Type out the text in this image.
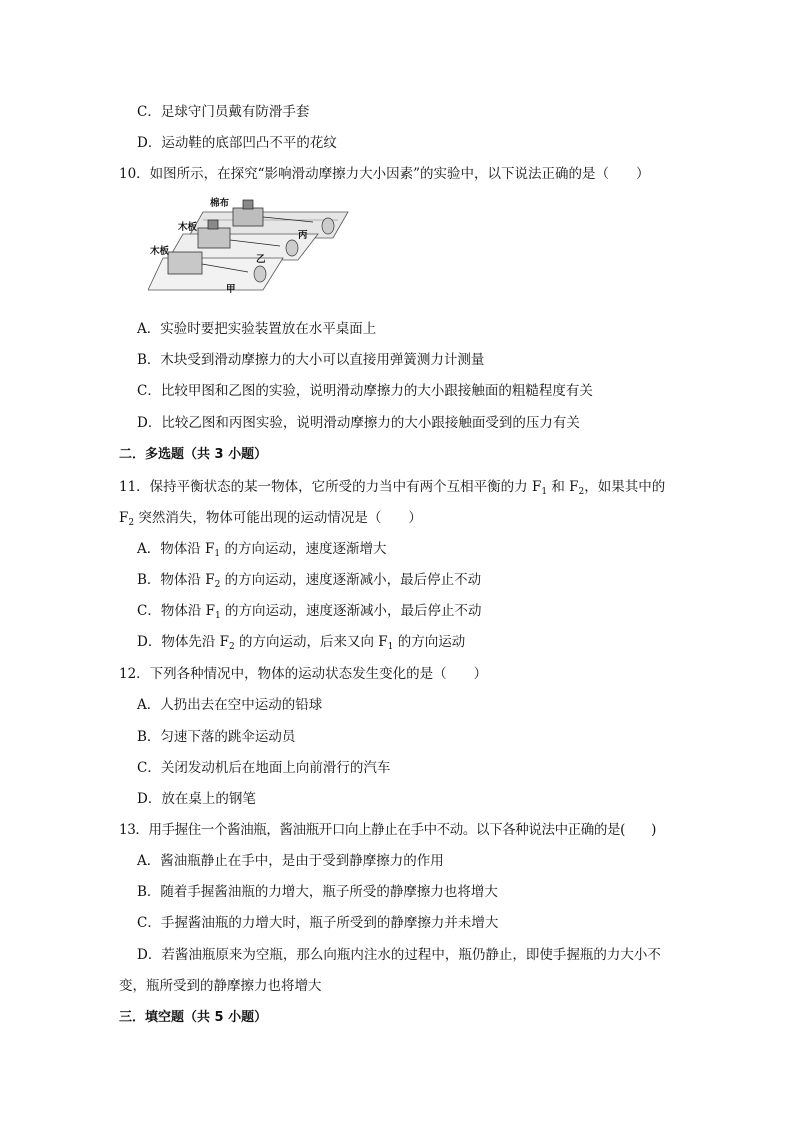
C．足球守门员戴有防滑手套
D．运动鞋的底部凹凸不平的花纹
10．如图所示，在探究“影响滑动摩擦力大小因素”的实验中，以下说法正确的是（　　）
棉布
木板
木板
丙
乙
甲
A．实验时要把实验装置放在水平桌面上
B．木块受到滑动摩擦力的大小可以直接用弹簧测力计测量
C．比较甲图和乙图的实验，说明滑动摩擦力的大小跟接触面的粗糙程度有关
D．比较乙图和丙图实验，说明滑动摩擦力的大小跟接触面受到的压力有关
二．多选题（共 3 小题）
11．保持平衡状态的某一物体，它所受的力当中有两个互相平衡的力 $F_1$ 和 $F_2$，如果其中的
$F_2$ 突然消失，物体可能出现的运动情况是（　　）
A．物体沿 $F_1$ 的方向运动，速度逐渐增大
B．物体沿 $F_2$ 的方向运动，速度逐渐减小，最后停止不动
C．物体沿 $F_1$ 的方向运动，速度逐渐减小，最后停止不动
D．物体先沿 $F_2$ 的方向运动，后来又向 $F_1$ 的方向运动
12．下列各种情况中，物体的运动状态发生变化的是（　　）
A．人扔出去在空中运动的铅球
B．匀速下落的跳伞运动员
C．关闭发动机后在地面上向前滑行的汽车
D．放在桌上的钢笔
13．用手握住一个酱油瓶，酱油瓶开口向上静止在手中不动。以下各种说法中正确的是(　　)
A．酱油瓶静止在手中，是由于受到静摩擦力的作用
B．随着手握酱油瓶的力增大，瓶子所受的静摩擦力也将增大
C．手握酱油瓶的力增大时，瓶子所受到的静摩擦力并未增大
D．若酱油瓶原来为空瓶，那么向瓶内注水的过程中，瓶仍静止，即使手握瓶的力大小不
变，瓶所受到的静摩擦力也将增大
三．填空题（共 5 小题）
